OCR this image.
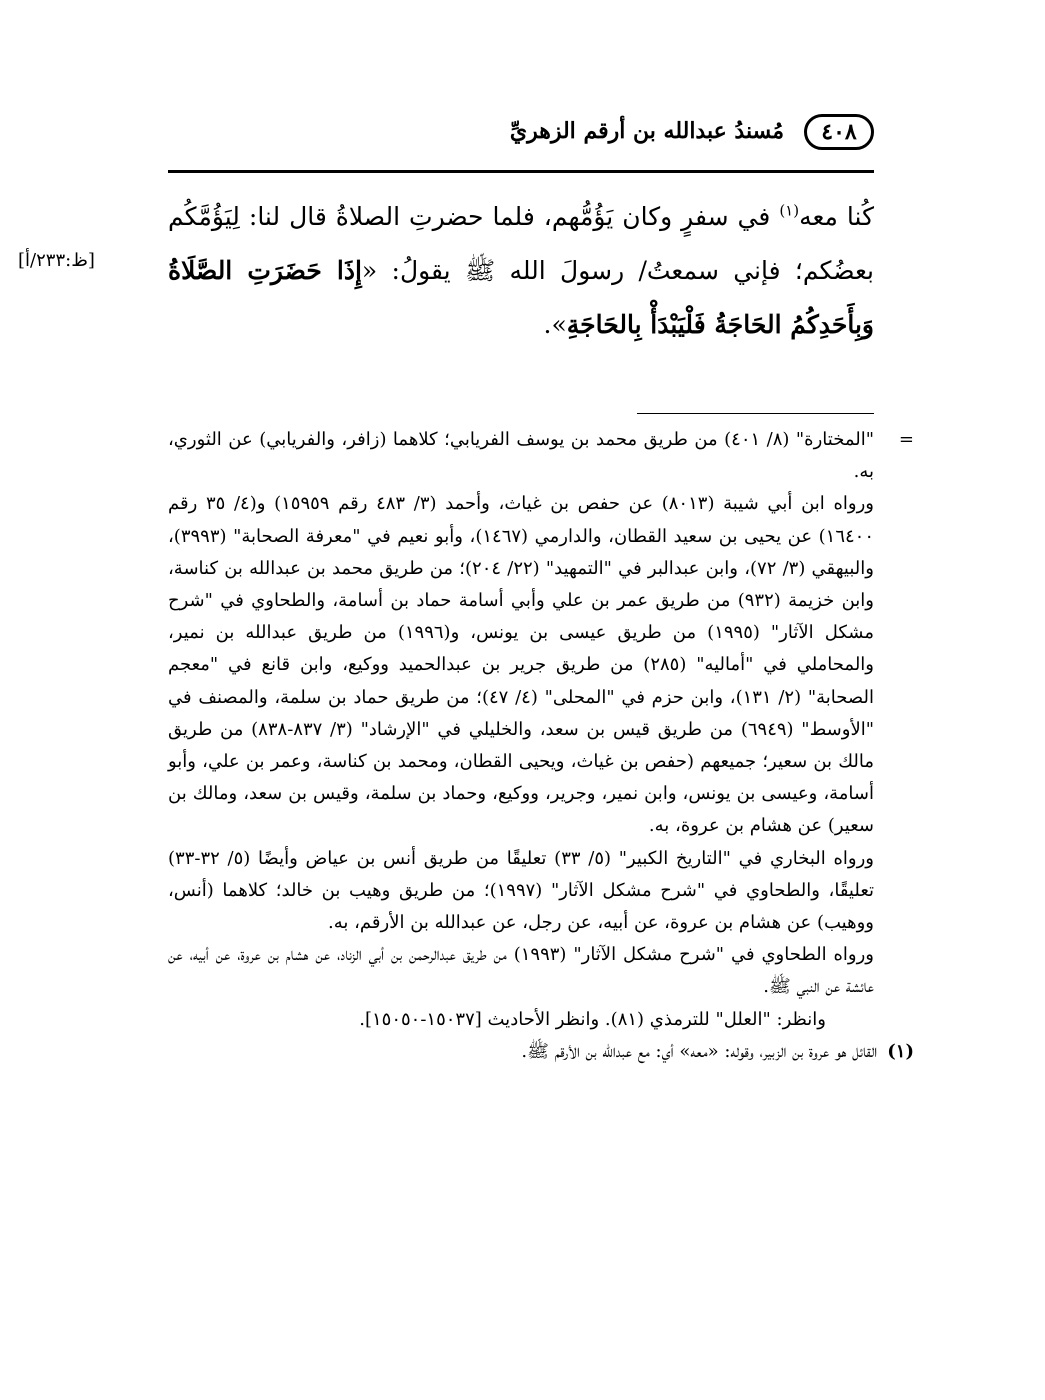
٤٠٨
مُسندُ عبدالله بن أرقم الزهريِّ

كُنا معه$^{(١)}$ في سفرٍ وكان يَؤُمُّهم، فلما حضرتِ الصلاةُ قال لنا: لِيَؤُمَّكُم بعضُكم؛ فإني سمعتُ/ رسولَ الله ﷺ يقولُ: «إِذَا حَضَرَتِ الصَّلَاةُ وَبِأَحَدِكُمُ الحَاجَةُ فَلْيَبْدَأْ بِالحَاجَةِ».

[ظ:٢٣٣/أ]
=

"المختارة" (٨/ ٤٠١) من طريق محمد بن يوسف الفريابي؛ كلاهما (زافر، والفريابي) عن الثوري، به.

ورواه ابن أبي شيبة (٨٠١٣) عن حفص بن غياث، وأحمد (٣/ ٤٨٣ رقم ١٥٩٥٩) و(٤/ ٣٥ رقم ١٦٤٠٠) عن يحيى بن سعيد القطان، والدارمي (١٤٦٧)، وأبو نعيم في "معرفة الصحابة" (٣٩٩٣)، والبيهقي (٣/ ٧٢)، وابن عبدالبر في "التمهيد" (٢٢/ ٢٠٤)؛ من طريق محمد بن عبدالله بن كناسة، وابن خزيمة (٩٣٢) من طريق عمر بن علي وأبي أسامة حماد بن أسامة، والطحاوي في "شرح مشكل الآثار" (١٩٩٥) من طريق عيسى بن يونس، و(١٩٩٦) من طريق عبدالله بن نمير، والمحاملي في "أماليه" (٢٨٥) من طريق جرير بن عبدالحميد ووكيع، وابن قانع في "معجم الصحابة" (٢/ ١٣١)، وابن حزم في "المحلى" (٤/ ٤٧)؛ من طريق حماد بن سلمة، والمصنف في "الأوسط" (٦٩٤٩) من طريق قيس بن سعد، والخليلي في "الإرشاد" (٣/ ٨٣٧-٨٣٨) من طريق مالك بن سعير؛ جميعهم (حفص بن غياث، ويحيى القطان، ومحمد بن كناسة، وعمر بن علي، وأبو أسامة، وعيسى بن يونس، وابن نمير، وجرير، ووكيع، وحماد بن سلمة، وقيس بن سعد، ومالك بن سعير) عن هشام بن عروة، به.

ورواه البخاري في "التاريخ الكبير" (٥/ ٣٣) تعليقًا من طريق أنس بن عياض وأيضًا (٥/ ٣٢-٣٣) تعليقًا، والطحاوي في "شرح مشكل الآثار" (١٩٩٧)؛ من طريق وهيب بن خالد؛ كلاهما (أنس، ووهيب) عن هشام بن عروة، عن أبيه، عن رجل، عن عبدالله بن الأرقم، به.

ورواه الطحاوي في "شرح مشكل الآثار" (١٩٩٣) من طريق عبدالرحمن بن أبي الزناد، عن هشام بن عروة، عن أبيه، عن عائشة عن النبي ﷺ.

وانظر: "العلل" للترمذي (٨١). وانظر الأحاديث [١٥٠٣٧-١٥٠٥٠].

(١)القائل هو عروة بن الزبير، وقوله: «معه» أي: مع عبدالله بن الأرقم ﷺ.
